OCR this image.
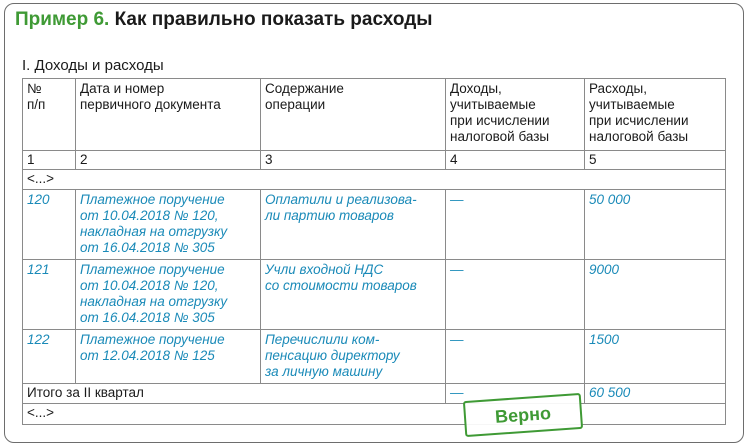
Пример 6. Как правильно показать расходы
I. Доходы и расходы
№
п/п	Дата и номер
первичного документа	Содержание
операции	Доходы,
учитываемые
при исчислении
налоговой базы	Расходы,
учитываемые
при исчислении
налоговой базы
1	2	3	4	5
<...>				
120	Платежное поручение
от 10.04.2018 № 120,
накладная на отгрузку
от 16.04.2018 № 305	Оплатили и реализова-
ли партию товаров	—	50 000
121	Платежное поручение
от 10.04.2018 № 120,
накладная на отгрузку
от 16.04.2018 № 305	Учли входной НДС
со стоимости товаров	—	9000
122	Платежное поручение
от 12.04.2018 № 125	Перечислили ком-
пенсацию директору
за личную машину	—	1500
Итого за II квартал			—	60 500
<...>					Верно
